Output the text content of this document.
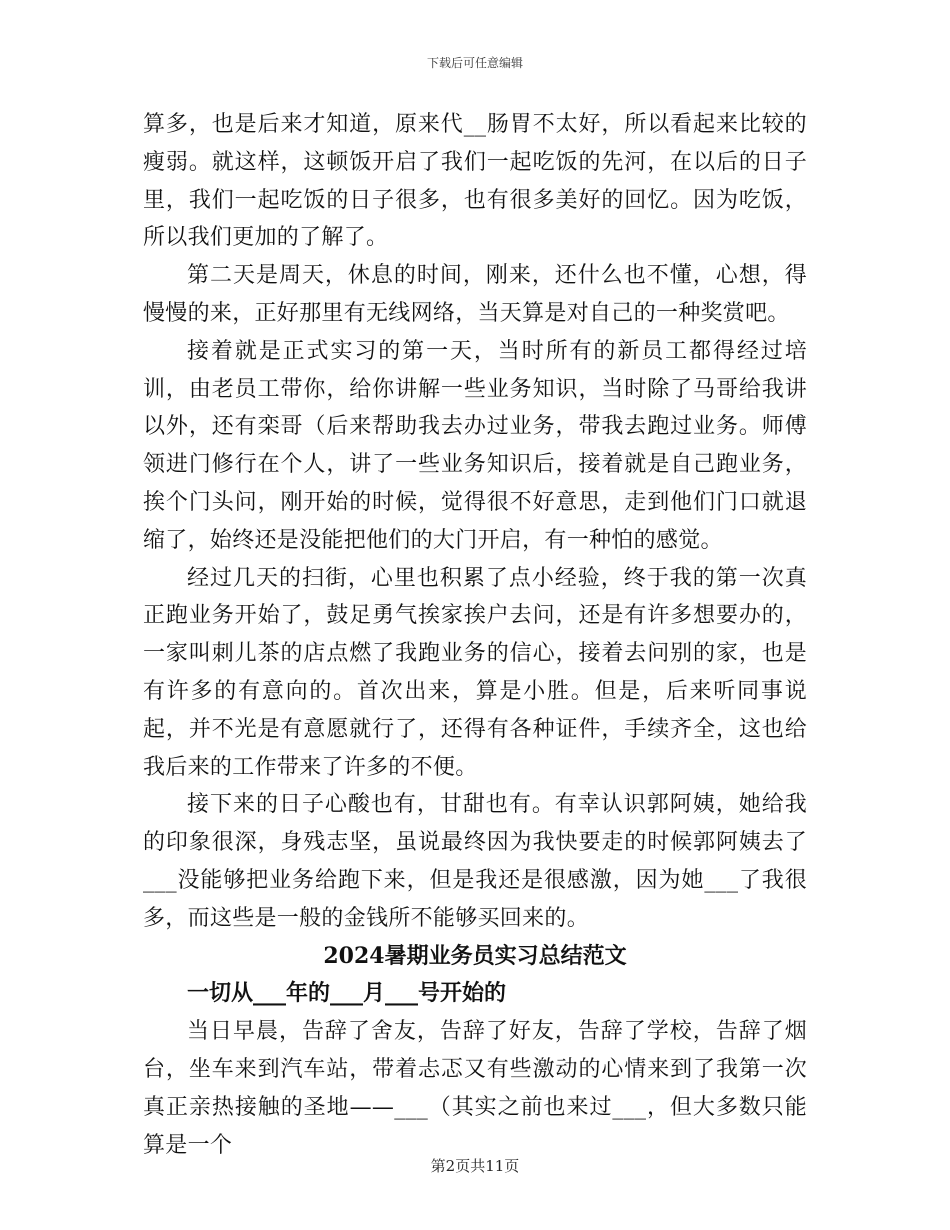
下载后可任意编辑

算多，也是后来才知道，原来代__肠胃不太好，所以看起来比较的瘦弱。就这样，这顿饭开启了我们一起吃饭的先河，在以后的日子里，我们一起吃饭的日子很多，也有很多美好的回忆。因为吃饭，所以我们更加的了解了。

第二天是周天，休息的时间，刚来，还什么也不懂，心想，得慢慢的来，正好那里有无线网络，当天算是对自己的一种奖赏吧。

接着就是正式实习的第一天，当时所有的新员工都得经过培训，由老员工带你，给你讲解一些业务知识，当时除了马哥给我讲以外，还有栾哥（后来帮助我去办过业务，带我去跑过业务。师傅领进门修行在个人，讲了一些业务知识后，接着就是自己跑业务，挨个门头问，刚开始的时候，觉得很不好意思，走到他们门口就退缩了，始终还是没能把他们的大门开启，有一种怕的感觉。

经过几天的扫街，心里也积累了点小经验，终于我的第一次真正跑业务开始了，鼓足勇气挨家挨户去问，还是有许多想要办的，一家叫刺儿茶的店点燃了我跑业务的信心，接着去问别的家，也是有许多的有意向的。首次出来，算是小胜。但是，后来听同事说起，并不光是有意愿就行了，还得有各种证件，手续齐全，这也给我后来的工作带来了许多的不便。

接下来的日子心酸也有，甘甜也有。有幸认识郭阿姨，她给我的印象很深，身残志坚，虽说最终因为我快要走的时候郭阿姨去了___没能够把业务给跑下来，但是我还是很感激，因为她___了我很多，而这些是一般的金钱所不能够买回来的。

2024暑期业务员实习总结范文
一切从___年的___月___号开始的

当日早晨，告辞了舍友，告辞了好友，告辞了学校，告辞了烟台，坐车来到汽车站，带着忐忑又有些激动的心情来到了我第一次真正亲热接触的圣地——___（其实之前也来过___，但大多数只能算是一个

第2页共11页
